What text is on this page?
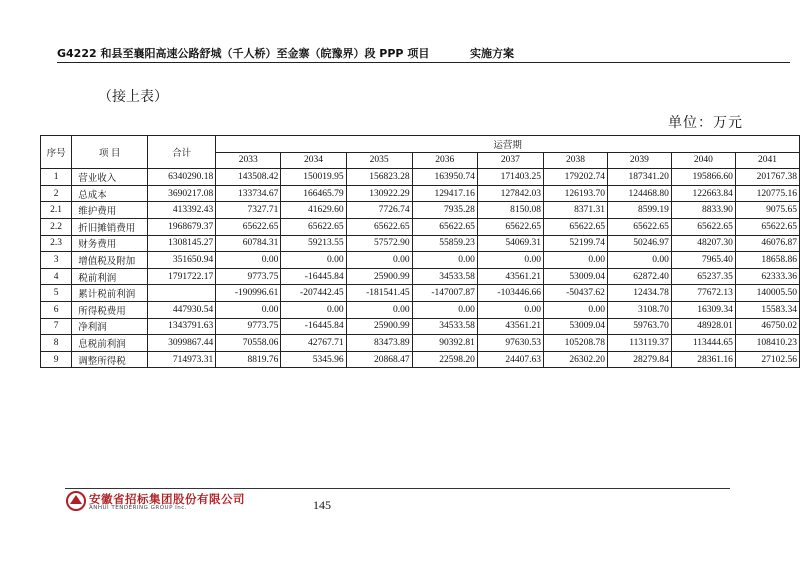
G4222 和县至襄阳高速公路舒城（千人桥）至金寨（皖豫界）段 PPP 项目	实施方案
（接上表）
单位：万元
序号	项 目	合计	运营期								
			2033	2034	2035	2036	2037	2038	2039	2040	2041
1	营业收入	6340290.18	143508.42	150019.95	156823.28	163950.74	171403.25	179202.74	187341.20	195866.60	201767.38
2	总成本	3690217.08	133734.67	166465.79	130922.29	129417.16	127842.03	126193.70	124468.80	122663.84	120775.16
2.1	维护费用	413392.43	7327.71	41629.60	7726.74	7935.28	8150.08	8371.31	8599.19	8833.90	9075.65
2.2	折旧摊销费用	1968679.37	65622.65	65622.65	65622.65	65622.65	65622.65	65622.65	65622.65	65622.65	65622.65
2.3	财务费用	1308145.27	60784.31	59213.55	57572.90	55859.23	54069.31	52199.74	50246.97	48207.30	46076.87
3	增值税及附加	351650.94	0.00	0.00	0.00	0.00	0.00	0.00	0.00	7965.40	18658.86
4	税前利润	1791722.17	9773.75	-16445.84	25900.99	34533.58	43561.21	53009.04	62872.40	65237.35	62333.36
5	累计税前利润		-190996.61	-207442.45	-181541.45	-147007.87	-103446.66	-50437.62	12434.78	77672.13	140005.50
6	所得税费用	447930.54	0.00	0.00	0.00	0.00	0.00	0.00	3108.70	16309.34	15583.34
7	净利润	1343791.63	9773.75	-16445.84	25900.99	34533.58	43561.21	53009.04	59763.70	48928.01	46750.02
8	息税前利润	3099867.44	70558.06	42767.71	83473.89	90392.81	97630.53	105208.78	113119.37	113444.65	108410.23
9	调整所得税	714973.31	8819.76	5345.96	20868.47	22598.20	24407.63	26302.20	28279.84	28361.16	27102.56
安徽省招标集团股份有限公司
ANHUI TENDERING GROUP Inc.	145
